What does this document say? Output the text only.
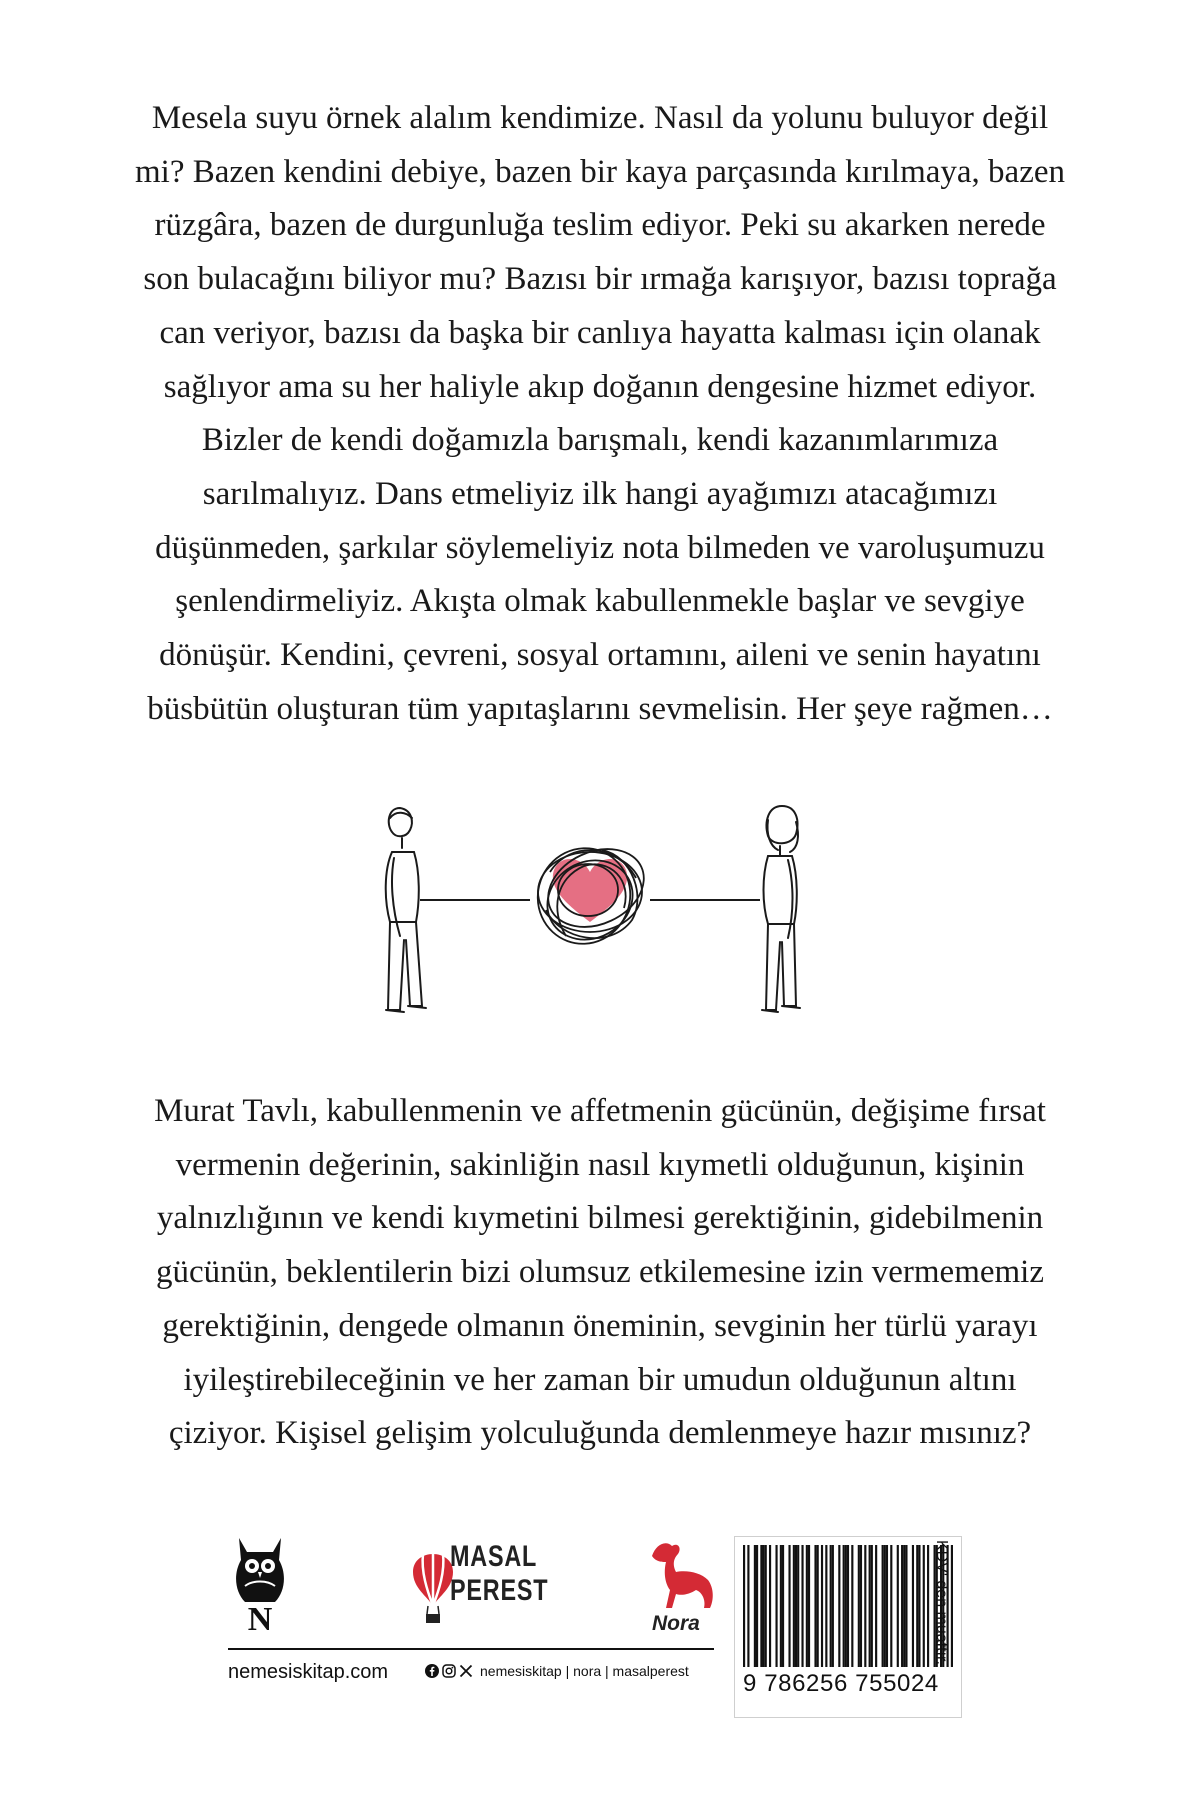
Mesela suyu örnek alalım kendimize. Nasıl da yolunu buluyor değil
mi? Bazen kendini debiye, bazen bir kaya parçasında kırılmaya, bazen
rüzgâra, bazen de durgunluğa teslim ediyor. Peki su akarken nerede
son bulacağını biliyor mu? Bazısı bir ırmağa karışıyor, bazısı toprağa
can veriyor, bazısı da başka bir canlıya hayatta kalması için olanak
sağlıyor ama su her haliyle akıp doğanın dengesine hizmet ediyor.
Bizler de kendi doğamızla barışmalı, kendi kazanımlarımıza
sarılmalıyız. Dans etmeliyiz ilk hangi ayağımızı atacağımızı
düşünmeden, şarkılar söylemeliyiz nota bilmeden ve varoluşumuzu
şenlendirmeliyiz. Akışta olmak kabullenmekle başlar ve sevgiye
dönüşür. Kendini, çevreni, sosyal ortamını, aileni ve senin hayatını
büsbütün oluşturan tüm yapıtaşlarını sevmelisin. Her şeye rağmen…
Murat Tavlı, kabullenmenin ve affetmenin gücünün, değişime fırsat
vermenin değerinin, sakinliğin nasıl kıymetli olduğunun, kişinin
yalnızlığının ve kendi kıymetini bilmesi gerektiğinin, gidebilmenin
gücünün, beklentilerin bizi olumsuz etkilemesine izin vermememiz
gerektiğinin, dengede olmanın öneminin, sevginin her türlü yarayı
iyileştirebileceğinin ve her zaman bir umudun olduğunun altını
çiziyor. Kişisel gelişim yolculuğunda demlenmeye hazır mısınız?
N
MASAL
PEREST
Nora
nemesiskitap.com	nemesiskitap | nora | masalperest 9 786256 755024
KDV' den muaftır.
